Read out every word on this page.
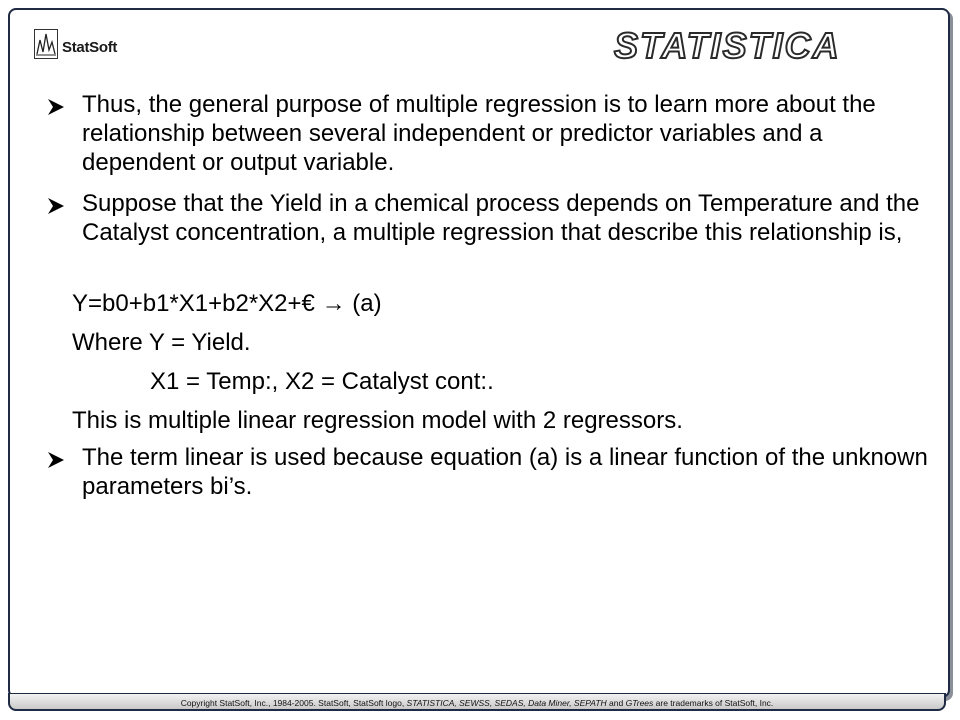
StatSoft	STATISTICA
Thus, the general purpose of multiple regression is to learn more about the relationship between several independent or predictor variables and a dependent or output variable.
Suppose that the Yield in a chemical process depends on Temperature and the Catalyst concentration, a multiple regression that describe this relationship is,

Y=b0+b1*X1+b2*X2+€ → (a)

Where Y = Yield.

X1 = Temp:, X2 = Catalyst cont:.

This is multiple linear regression model with 2 regressors.

The term linear is used because equation (a) is a linear function of the unknown parameters bi’s.
Copyright StatSoft, Inc., 1984-2005. StatSoft, StatSoft logo, STATISTICA, SEWSS, SEDAS, Data Miner, SEPATH and GTrees are trademarks of StatSoft, Inc.
